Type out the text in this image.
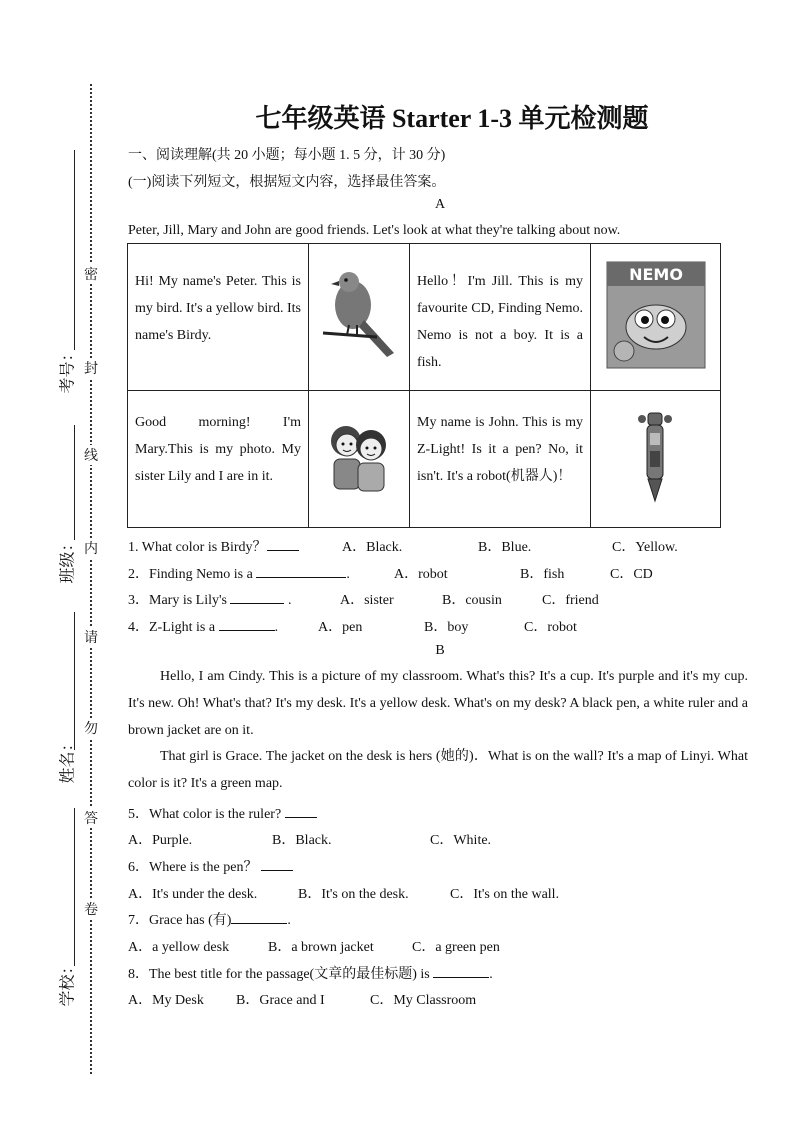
密
封
线
内
请
勿
答
卷
考号：
班级：
姓名：
学校：
七年级英语 Starter 1-3 单元检测题
一、阅读理解(共 20 小题；每小题 1. 5 分，计 30 分)
(一)阅读下列短文，根据短文内容，选择最佳答案。
A
Peter, Jill, Mary and John are good friends. Let's look at what they're talking about now.
Hi! My name's Peter. This is my bird. It's a yellow bird. Its name's Birdy.		Hello！I'm Jill. This is my favourite CD, Finding Nemo. Nemo is not a boy. It is a fish.	NEMO

Good morning! I'm Mary.This is my photo. My sister Lily and I are in it.		My name is John. This is my Z-Light! Is it a pen? No, it isn't. It's a robot(机器人)！

1. What color is Birdy？	A．Black.	B．Blue.	C．Yellow.
2．Finding Nemo is a	.	A．robot	B．fish	C．CD
3．Mary is Lily's	.	A．sister	B．cousin	C．friend
4．Z-Light is a	.	A．pen	B．boy	C．robot
B
Hello, I am Cindy. This is a picture of my classroom. What's this? It's a cup. It's purple and it's my cup. It's new. Oh! What's that? It's my desk. It's a yellow desk. What's on my desk? A black pen, a white ruler and a brown jacket are on it.
That girl is Grace. The jacket on the desk is hers (她的)．What is on the wall? It's a map of Linyi. What color is it? It's a green map.
5．What color is the ruler?
A．Purple.	B．Black.	C．White.
6．Where is the pen？
A．It's under the desk.	B．It's on the desk.	C．It's on the wall.
7．Grace has (有)	.
A．a yellow desk	B．a brown jacket	C．a green pen
8．The best title for the passage(文章的最佳标题) is	.
A．My Desk B．Grace and I	C．My Classroom
